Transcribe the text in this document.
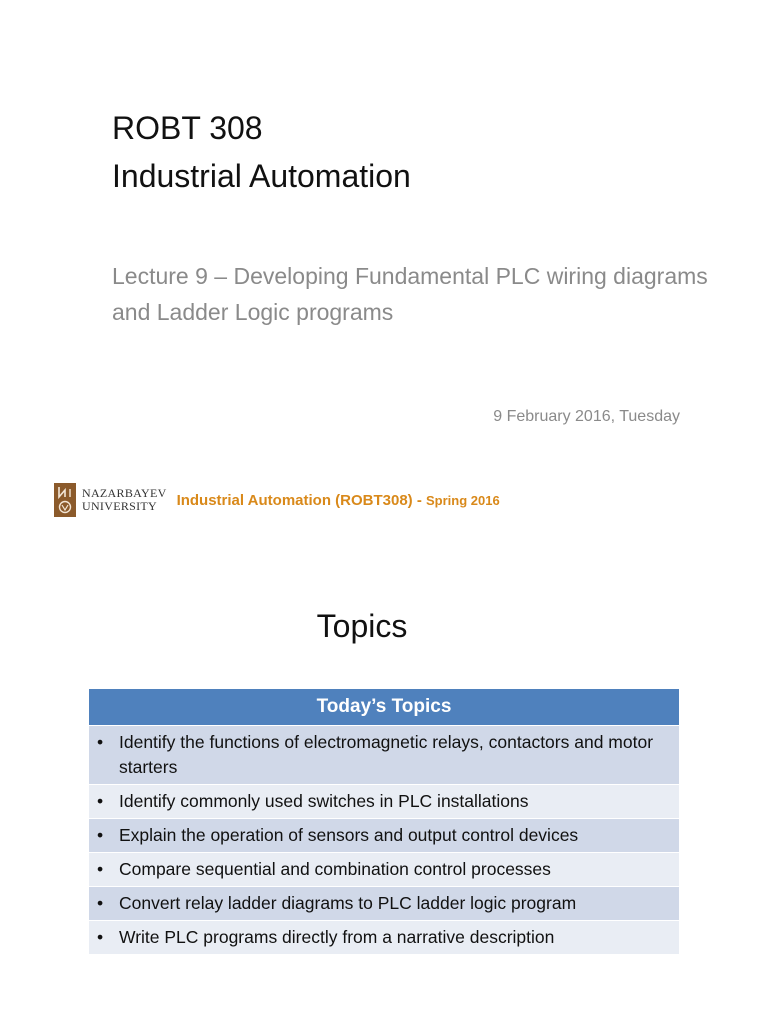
ROBT 308
Industrial Automation
Lecture 9 – Developing Fundamental PLC wiring diagrams and Ladder Logic programs
9 February 2016, Tuesday
NAZARBAYEV
UNIVERSITY	Industrial Automation (ROBT308) - Spring 2016
Topics
Today’s Topics

• Identify the functions of electromagnetic relays, contactors and motor starters

• Identify commonly used switches in PLC installations

• Explain the operation of sensors and output control devices

• Compare sequential and combination control processes

• Convert relay ladder diagrams to PLC ladder logic program

• Write PLC programs directly from a narrative description
